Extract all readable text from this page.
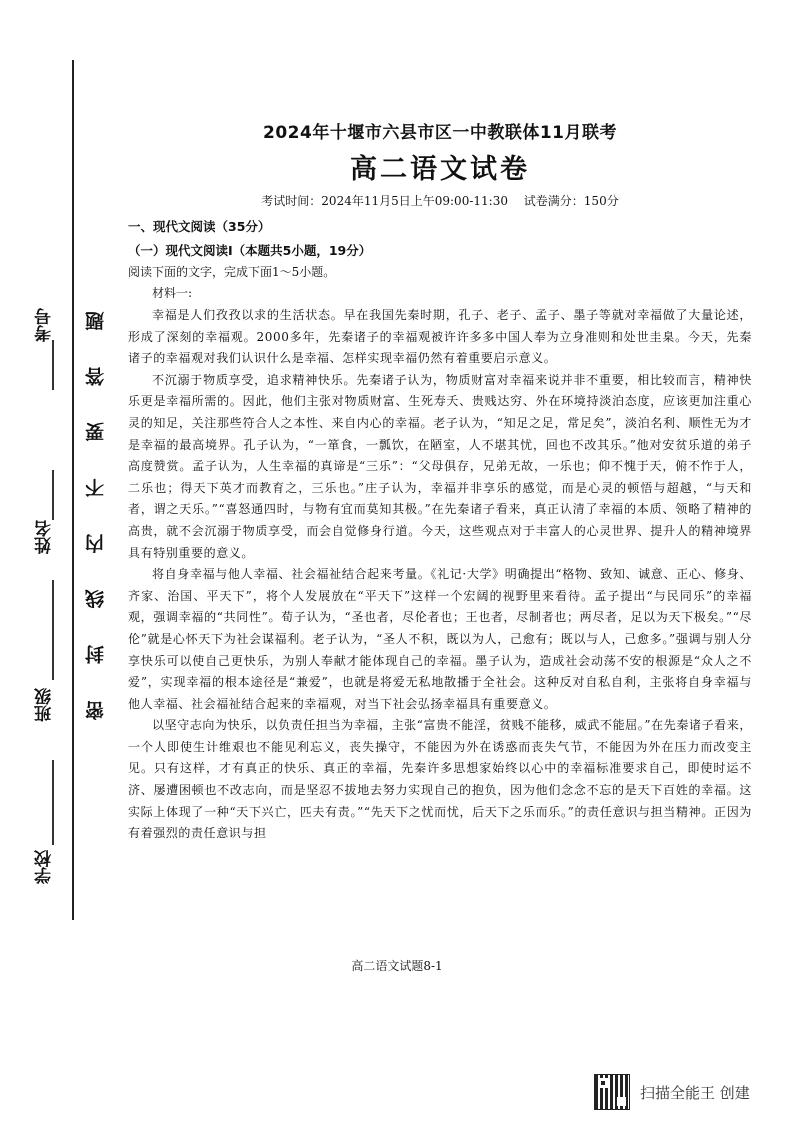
考号
姓名
班级
学校
密 封 线 内 不 要 答 题
2024年十堰市六县市区一中教联体11月联考
高二语文试卷
考试时间：2024年11月5日上午09:00-11:30 试卷满分：150分
一、现代文阅读（35分）
（一）现代文阅读Ⅰ（本题共5小题，19分）
阅读下面的文字，完成下面1～5小题。
材料一:

幸福是人们孜孜以求的生活状态。早在我国先秦时期，孔子、老子、孟子、墨子等就对幸福做了大量论述，形成了深刻的幸福观。2000多年，先秦诸子的幸福观被许许多多中国人奉为立身准则和处世圭臬。今天，先秦诸子的幸福观对我们认识什么是幸福、怎样实现幸福仍然有着重要启示意义。

不沉溺于物质享受，追求精神快乐。先秦诸子认为，物质财富对幸福来说并非不重要，相比较而言，精神快乐更是幸福所需的。因此，他们主张对物质财富、生死寿夭、贵贱达穷、外在环境持淡泊态度，应该更加注重心灵的知足，关注那些符合人之本性、来自内心的幸福。老子认为，“知足之足，常足矣”，淡泊名利、顺性无为才是幸福的最高境界。孔子认为，“一箪食，一瓢饮，在陋室，人不堪其忧，回也不改其乐。”他对安贫乐道的弟子高度赞赏。孟子认为，人生幸福的真谛是“三乐”：“父母俱存，兄弟无故，一乐也；仰不愧于天，俯不怍于人，二乐也；得天下英才而教育之，三乐也。”庄子认为，幸福并非享乐的感觉，而是心灵的顿悟与超越，“与天和者，谓之天乐。”“喜怒通四时，与物有宜而莫知其极。”在先秦诸子看来，真正认清了幸福的本质、领略了精神的高贵，就不会沉溺于物质享受，而会自觉修身行道。今天，这些观点对于丰富人的心灵世界、提升人的精神境界具有特别重要的意义。

将自身幸福与他人幸福、社会福祉结合起来考量。《礼记·大学》明确提出“格物、致知、诚意、正心、修身、齐家、治国、平天下”，将个人发展放在“平天下”这样一个宏阔的视野里来看待。孟子提出“与民同乐”的幸福观，强调幸福的“共同性”。荀子认为，“圣也者，尽伦者也；王也者，尽制者也；两尽者，足以为天下极矣。”“尽伦”就是心怀天下为社会谋福利。老子认为，“圣人不积，既以为人，己愈有；既以与人，己愈多。”强调与别人分享快乐可以使自己更快乐，为别人奉献才能体现自己的幸福。墨子认为，造成社会动荡不安的根源是“众人之不爱”，实现幸福的根本途径是“兼爱”，也就是将爱无私地散播于全社会。这种反对自私自利，主张将自身幸福与他人幸福、社会福祉结合起来的幸福观，对当下社会弘扬幸福具有重要意义。

以坚守志向为快乐，以负责任担当为幸福，主张“富贵不能淫，贫贱不能移，威武不能屈。”在先秦诸子看来，一个人即使生计维艰也不能见利忘义，丧失操守，不能因为外在诱惑而丧失气节，不能因为外在压力而改变主见。只有这样，才有真正的快乐、真正的幸福，先秦许多思想家始终以心中的幸福标准要求自己，即使时运不济、屡遭困顿也不改志向，而是坚忍不拔地去努力实现自己的抱负，因为他们念念不忘的是天下百姓的幸福。这实际上体现了一种“天下兴亡，匹夫有责。”“先天下之忧而忧，后天下之乐而乐。”的责任意识与担当精神。正因为有着强烈的责任意识与担

高二语文试题8-1
扫描全能王 创建
